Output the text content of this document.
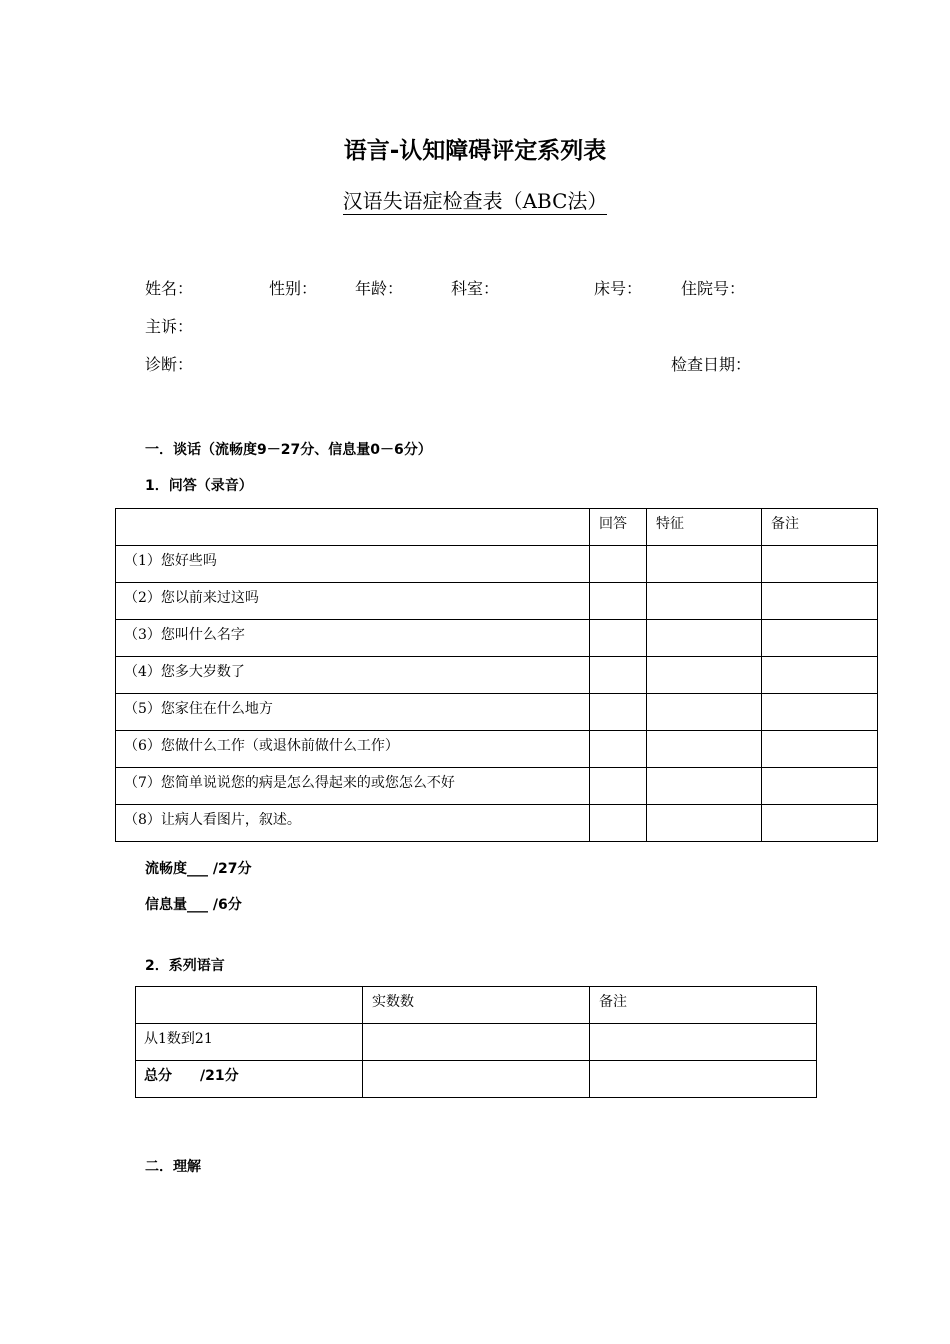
语言-认知障碍评定系列表
汉语失语症检查表（ABC法）
姓名：	性别： 年龄：	科室：	床号： 住院号：
主诉：
诊断：	检查日期：
一．谈话（流畅度9－27分、信息量0－6分）
1．问答（录音）
	回答	特征	备注
（1）您好些吗			
（2）您以前来过这吗			
（3）您叫什么名字			
（4）您多大岁数了			
（5）您家住在什么地方			
（6）您做什么工作（或退休前做什么工作）			
（7）您简单说说您的病是怎么得起来的或您怎么不好			
（8）让病人看图片，叙述。			
流畅度___ /27分
信息量___ /6分
2．系列语言
	实数数	备注
从1数到21		
总分　　/21分		
二．理解
